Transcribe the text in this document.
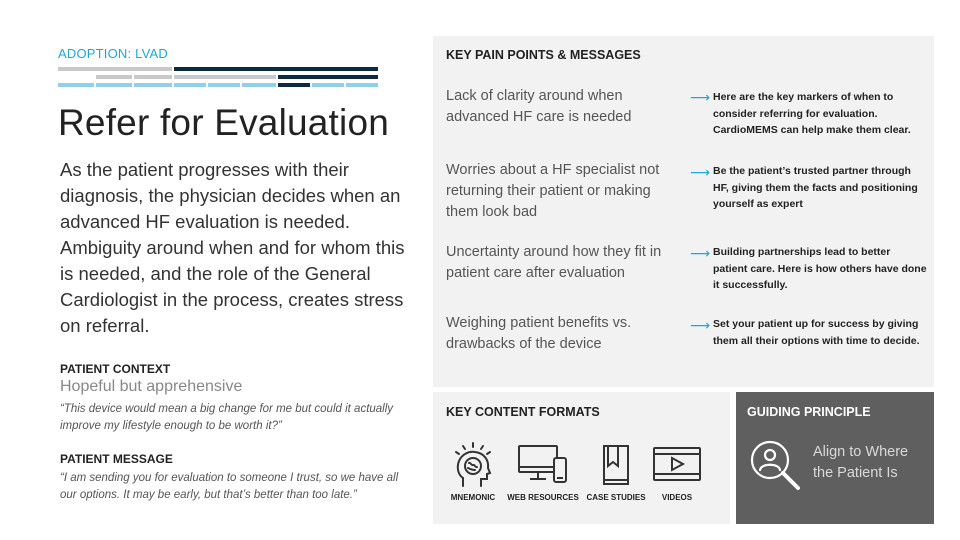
ADOPTION: LVAD
Refer for Evaluation

As the patient progresses with their diagnosis, the physician decides when an advanced HF evaluation is needed. Ambiguity around when and for whom this is needed, and the role of the General Cardiologist in the process, creates stress on referral.

PATIENT CONTEXT
Hopeful but apprehensive
“This device would mean a big change for me but could it actually improve my lifestyle enough to be worth it?”
PATIENT MESSAGE
“I am sending you for evaluation to someone I trust, so we have all our options. It may be early, but that’s better than too late.”
KEY PAIN POINTS & MESSAGES
Lack of clarity around when advanced HF care is needed
⟶ Here are the key markers of when to consider referring for evaluation. CardioMEMS can help make them clear.
Worries about a HF specialist not returning their patient or making them look bad
⟶ Be the patient’s trusted partner through HF, giving them the facts and positioning yourself as expert
Uncertainty around how they fit in patient care after evaluation
⟶ Building partnerships lead to better patient care. Here is how others have done it successfully.
Weighing patient benefits vs. drawbacks of the device
⟶ Set your patient up for success by giving them all their options with time to decide.
KEY CONTENT FORMATS
MNEMONIC	WEB RESOURCES CASE STUDIES	VIDEOS
GUIDING PRINCIPLE
Align to Where the Patient Is
